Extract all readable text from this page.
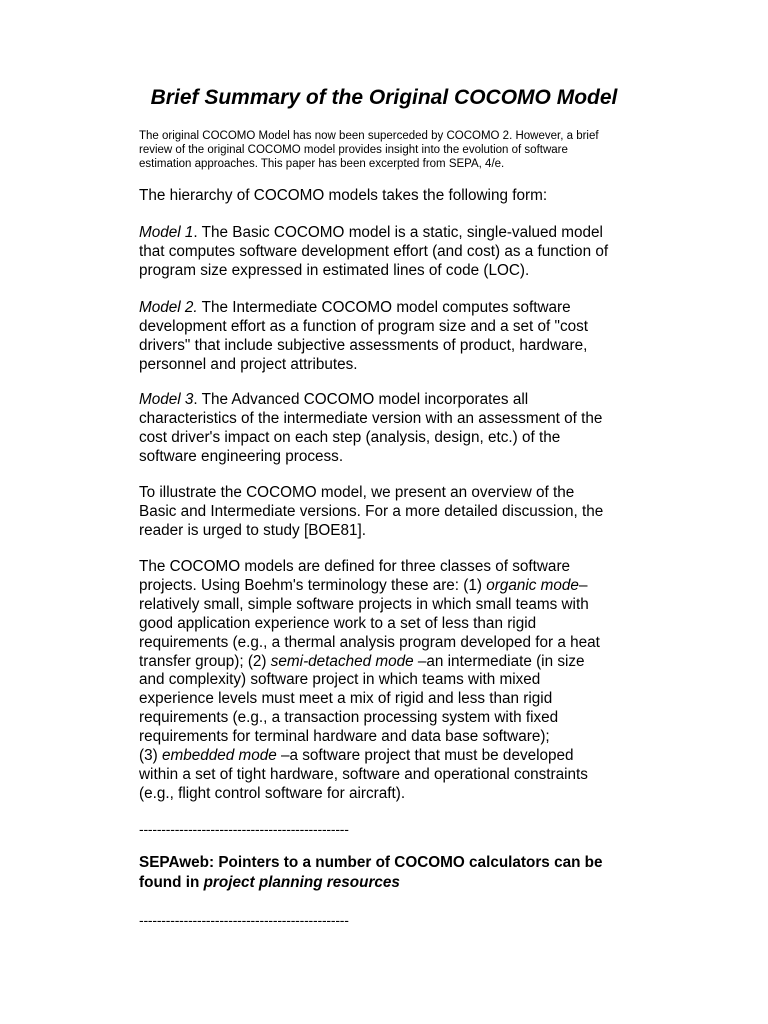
Brief Summary of the Original COCOMO Model
The original COCOMO Model has now been superceded by COCOMO 2. However, a brief
review of the original COCOMO model provides insight into the evolution of software
estimation approaches. This paper has been excerpted from SEPA, 4/e.
The hierarchy of COCOMO models takes the following form:
Model 1. The Basic COCOMO model is a static, single-valued model
that computes software development effort (and cost) as a function of
program size expressed in estimated lines of code (LOC).
Model 2. The Intermediate COCOMO model computes software
development effort as a function of program size and a set of "cost
drivers" that include subjective assessments of product, hardware,
personnel and project attributes.
Model 3. The Advanced COCOMO model incorporates all
characteristics of the intermediate version with an assessment of the
cost driver's impact on each step (analysis, design, etc.) of the
software engineering process.
To illustrate the COCOMO model, we present an overview of the
Basic and Intermediate versions. For a more detailed discussion, the
reader is urged to study [BOE81].
The COCOMO models are defined for three classes of software
projects. Using Boehm's terminology these are: (1) organic mode–
relatively small, simple software projects in which small teams with
good application experience work to a set of less than rigid
requirements (e.g., a thermal analysis program developed for a heat
transfer group); (2) semi-detached mode –an intermediate (in size
and complexity) software project in which teams with mixed
experience levels must meet a mix of rigid and less than rigid
requirements (e.g., a transaction processing system with fixed
requirements for terminal hardware and data base software);
(3) embedded mode –a software project that must be developed
within a set of tight hardware, software and operational constraints
(e.g., flight control software for aircraft).
-----------------------------------------------
SEPAweb: Pointers to a number of COCOMO calculators can be
found in project planning resources
-----------------------------------------------
